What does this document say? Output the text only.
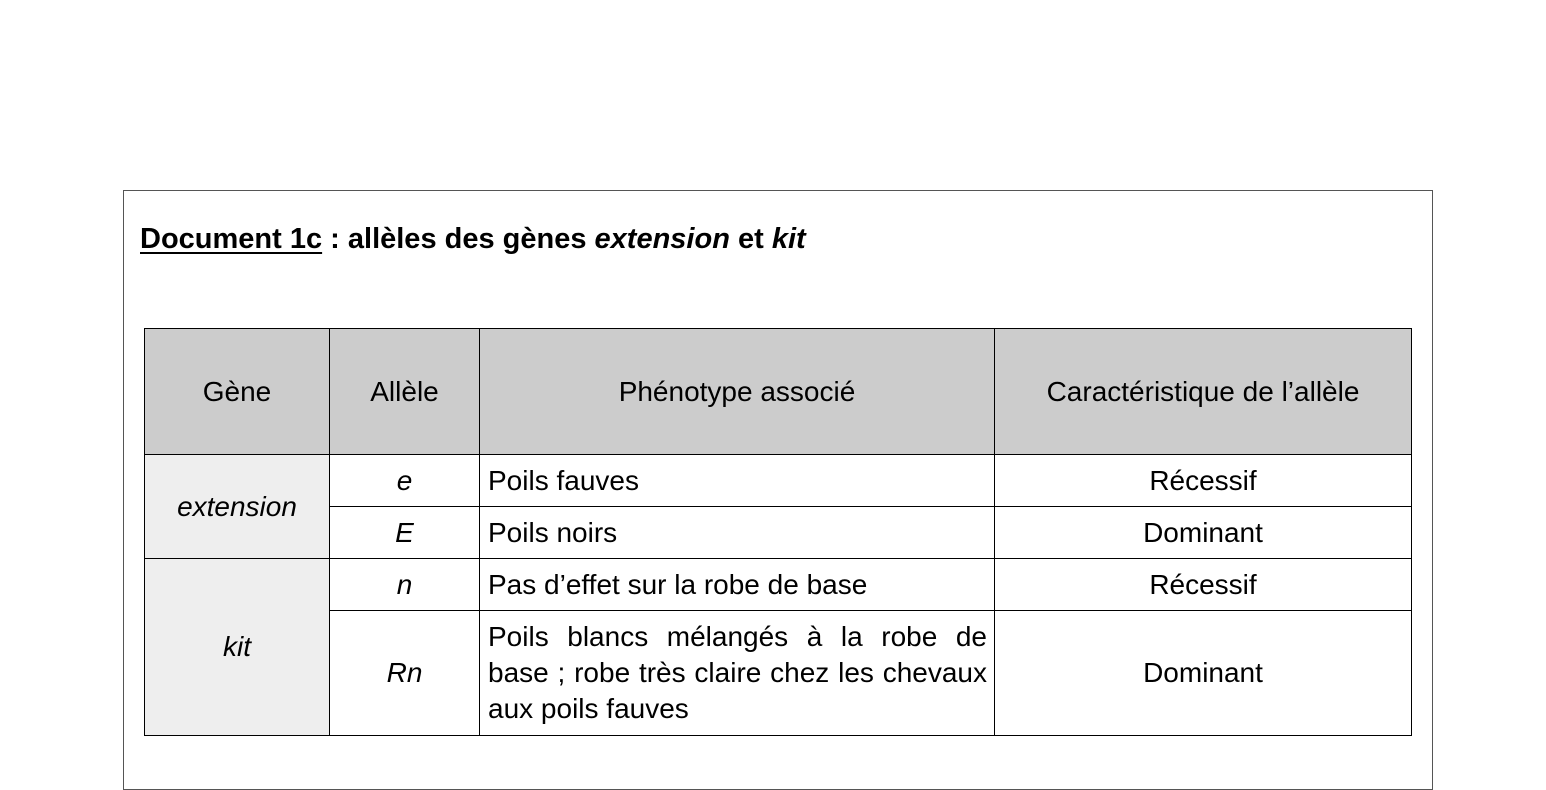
Document 1c : allèles des gènes extension et kit
Gène	Allèle	Phénotype associé	Caractéristique de l’allèle
extension	e	Poils fauves	Récessif
	E	Poils noirs	Dominant
kit	n	Pas d’effet sur la robe de base	Récessif
	Rn	Poils blancs mélangés à la robe de base ; robe très claire chez les chevaux aux poils fauves	Dominant
